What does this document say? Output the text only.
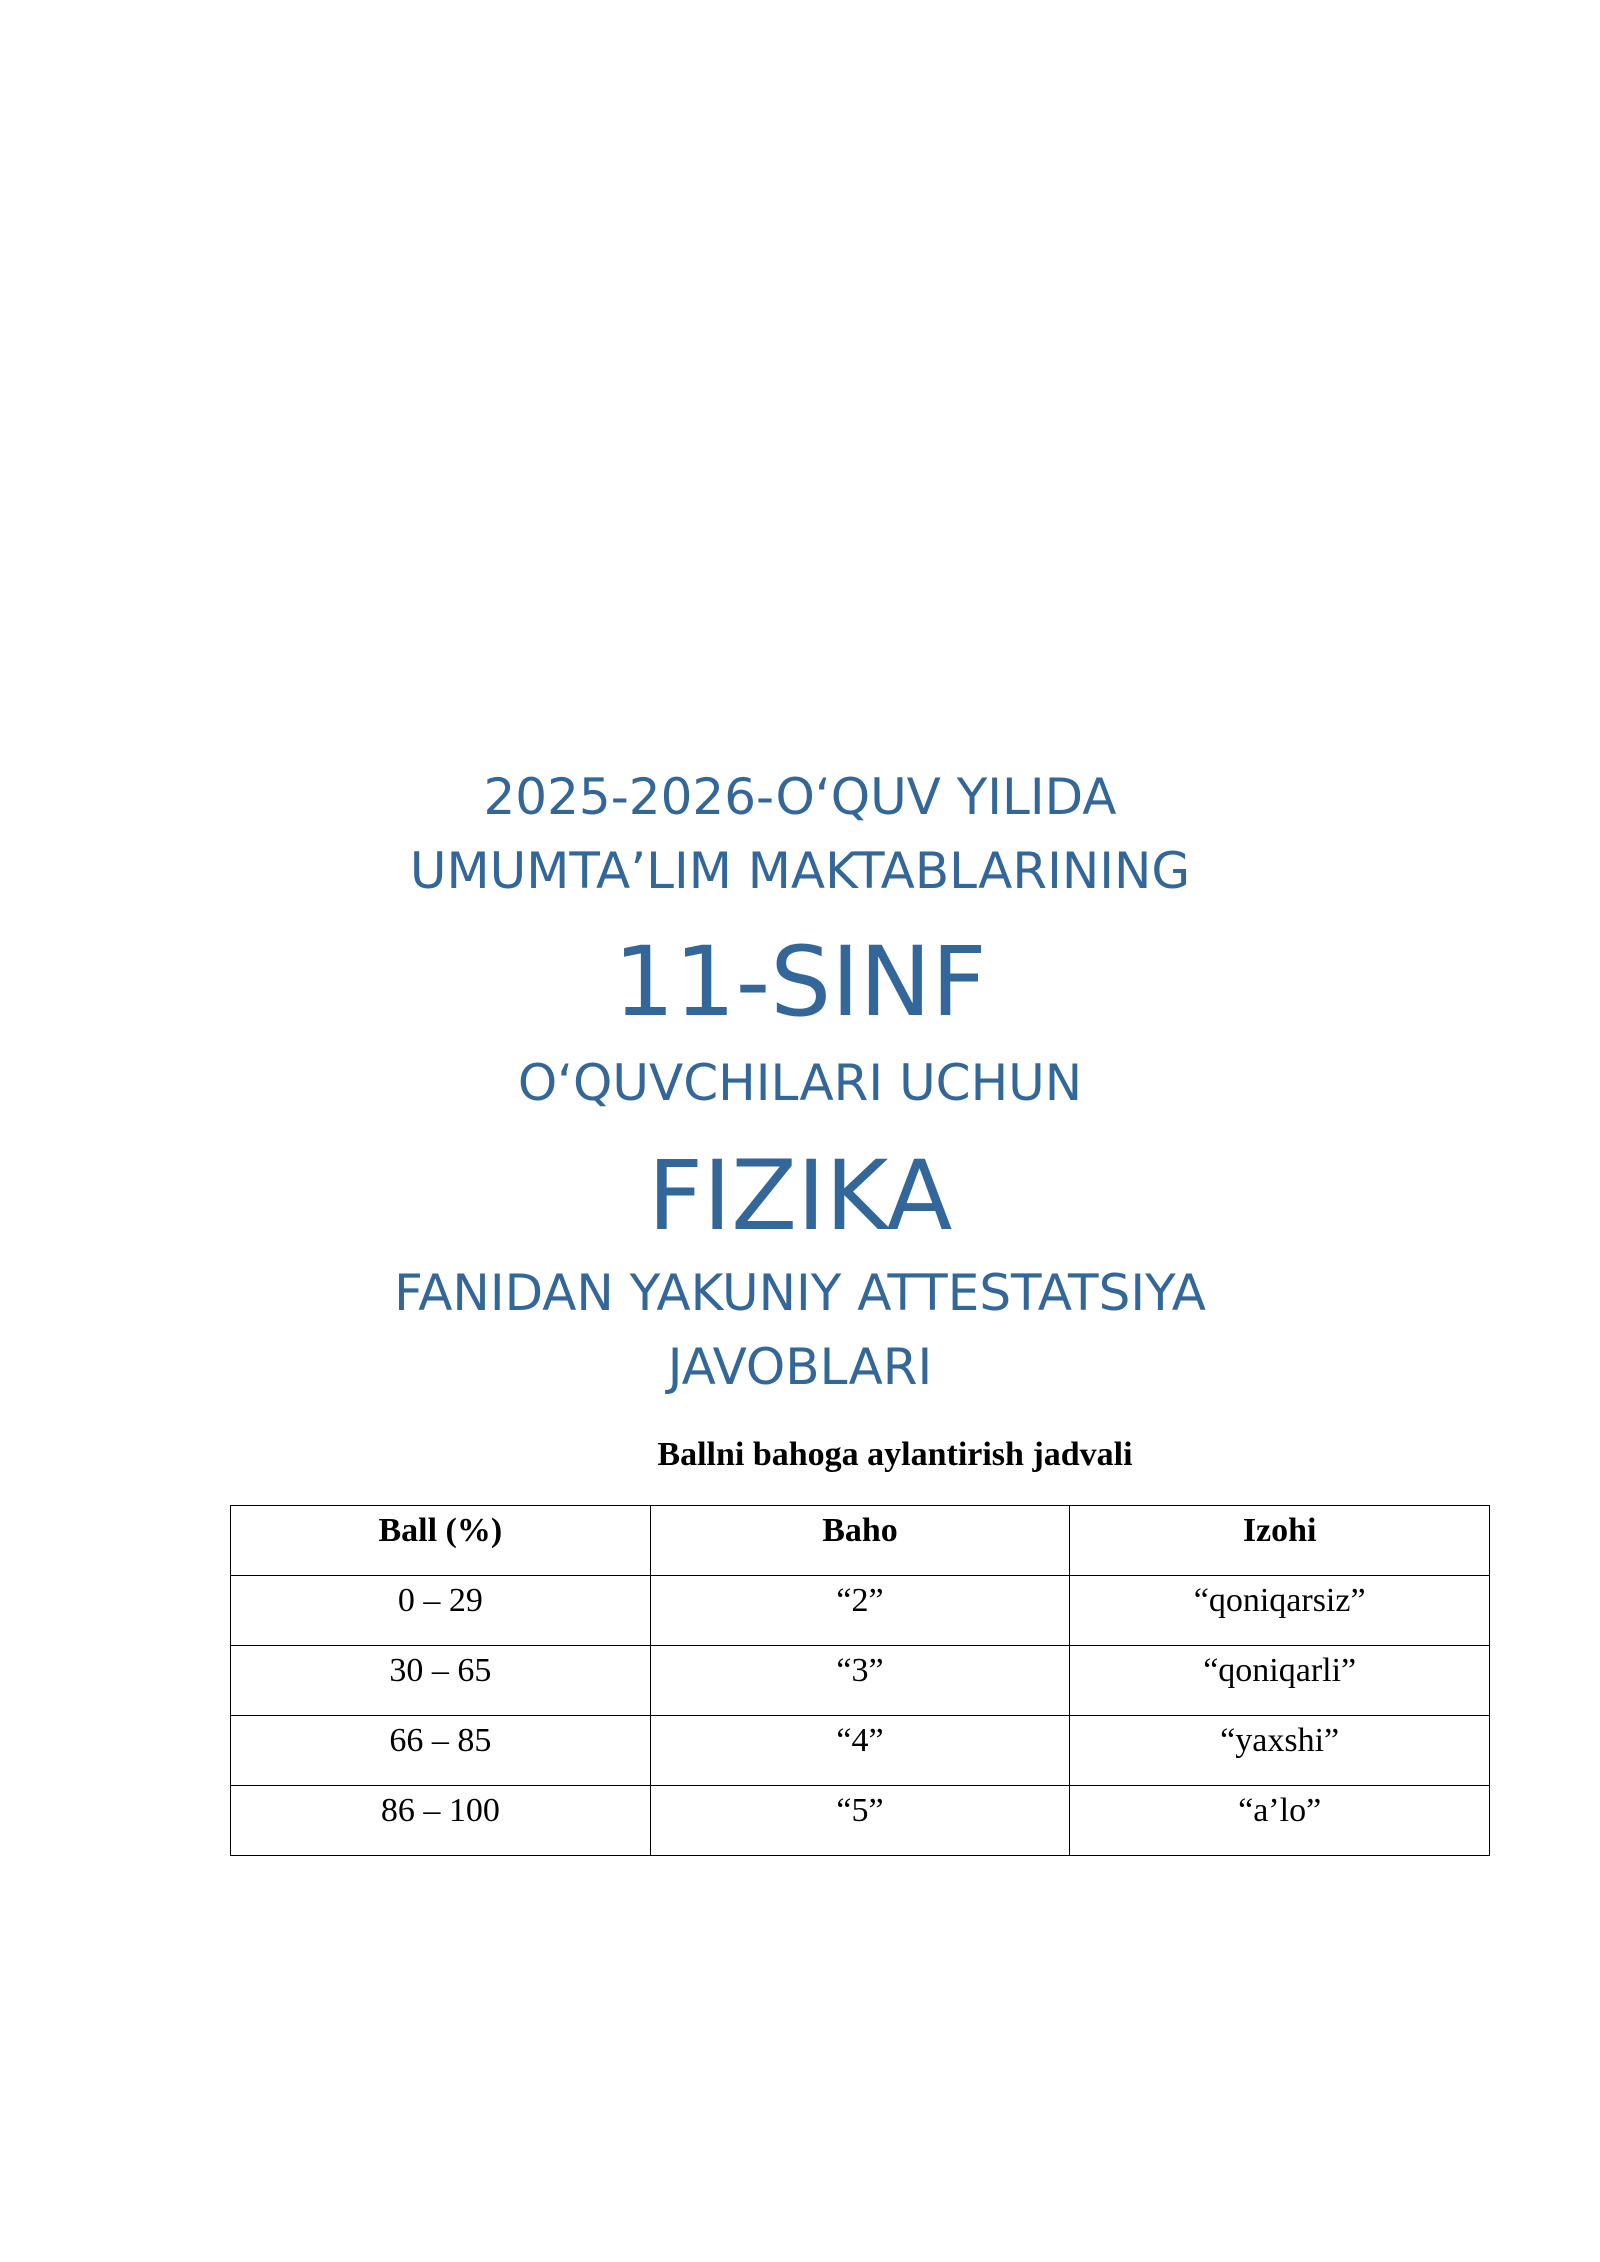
2025-2026-O‘QUV YILIDA
UMUMTA’LIM MAKTABLARINING
11-SINF
O‘QUVCHILARI UCHUN
FIZIKA
FANIDAN YAKUNIY ATTESTATSIYA
JAVOBLARI
Ballni bahoga aylantirish jadvali
Ball (%)	Baho	Izohi
0 – 29	“2”	“qoniqarsiz”
30 – 65	“3”	“qoniqarli”
66 – 85	“4”	“yaxshi”
86 – 100	“5”	“a’lo”
